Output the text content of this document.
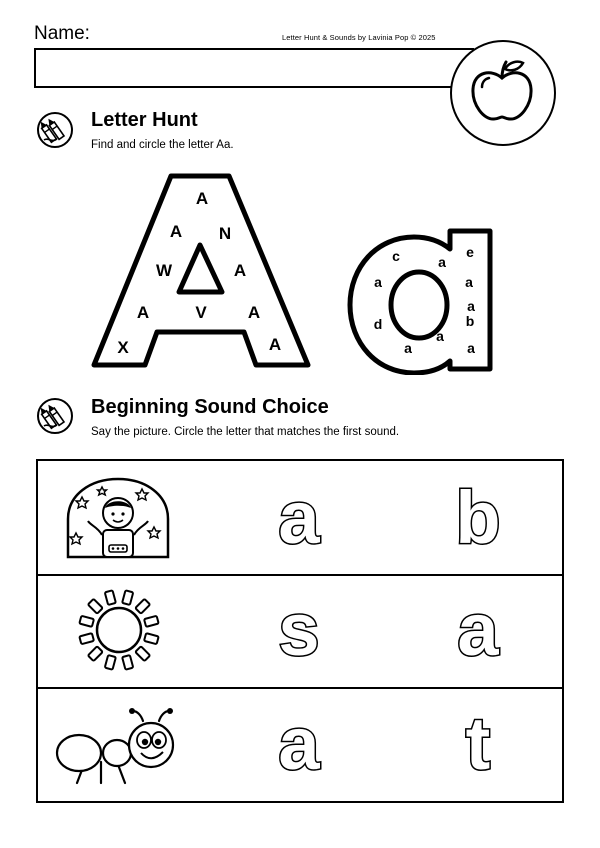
Name:	Letter Hunt & Sounds by Lavinia Pop © 2025
Letter Hunt
Find and circle the letter Aa.
A
A N
W	A
A	V A
X	A
e
c	a
a
a
a
b
d
a
a
a
Beginning Sound Choice
Say the picture. Circle the letter that matches the first sound.
a b
s a
a t
